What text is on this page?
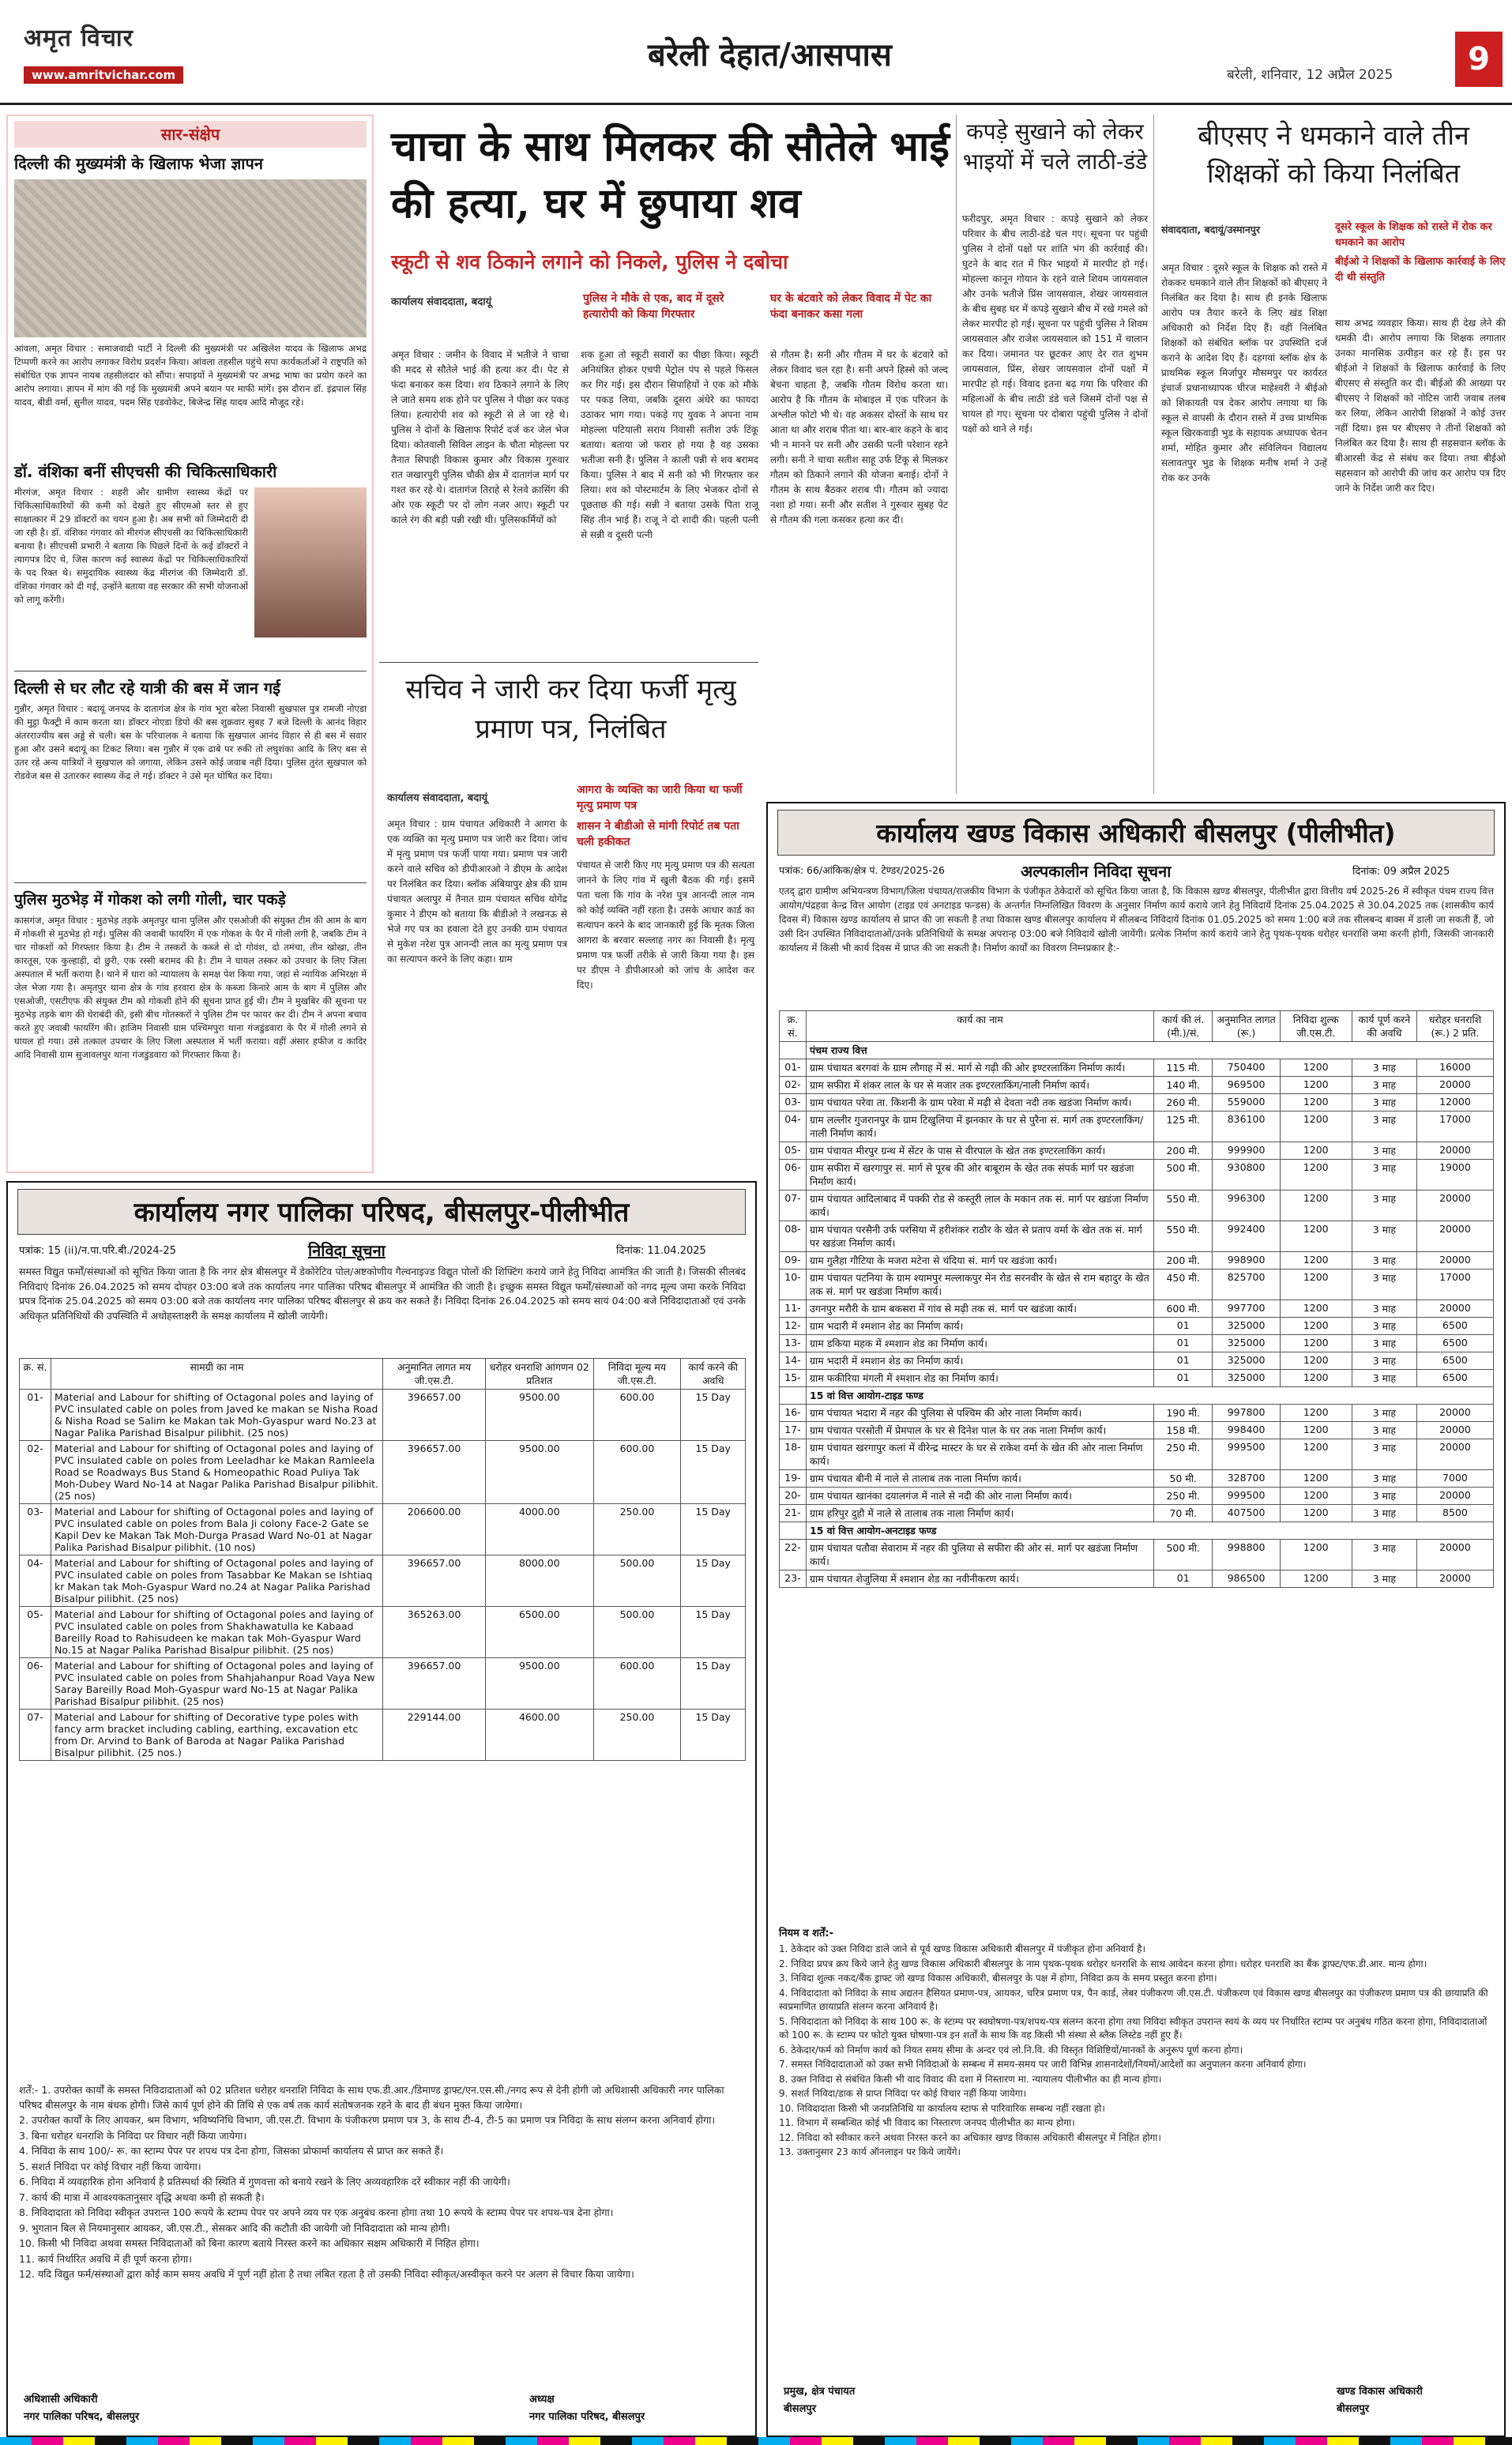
अमृत विचार
www.amritvichar.com
बरेली देहात/आसपास
बरेली, शनिवार, 12 अप्रैल 2025	9
सार-संक्षेप
दिल्ली की मुख्यमंत्री के खिलाफ भेजा ज्ञापन
आंवला, अमृत विचार : समाजवादी पार्टी ने दिल्ली की मुख्यमंत्री पर अखिलेश यादव के खिलाफ अभद्र टिप्पणी करने का आरोप लगाकर विरोध प्रदर्शन किया। आंवला तहसील पहुंचे सपा कार्यकर्ताओं ने राष्ट्रपति को संबोधित एक ज्ञापन नायब तहसीलदार को सौंपा। सपाइयों ने मुख्यमंत्री पर अभद्र भाषा का प्रयोग करने का आरोप लगाया। ज्ञापन में मांग की गई कि मुख्यमंत्री अपने बयान पर माफी मांगें। इस दौरान डॉ. इंद्रपाल सिंह यादव, बीडी वर्मा, सुनील यादव, पदम सिंह एडवोकेट, बिजेन्द्र सिंह यादव आदि मौजूद रहे।
डॉ. वंशिका बनीं सीएचसी की चिकित्साधिकारी
मीरगंज, अमृत विचार : शहरी और ग्रामीण स्वास्थ्य केंद्रों पर चिकित्साधिकारियों की कमी को देखते हुए सीएमओ स्तर से हुए साक्षात्कार में 29 डॉक्टरों का चयन हुआ है। अब सभी को जिम्मेदारी दी जा रही है। डॉ. वंशिका गंगवार को मीरगंज सीएचसी का चिकित्साधिकारी बनाया है। सीएचसी प्रभारी ने बताया कि पिछले दिनों के कई डॉक्टरों ने त्यागपत्र दिए थे, जिस कारण कई स्वास्थ्य केंद्रों पर चिकित्साधिकारियों के पद रिक्त थे। समुदायिक स्वास्थ्य केंद्र मीरगंज की जिम्मेदारी डॉ. वंशिका गंगवार को दी गई, उन्होंने बताया वह सरकार की सभी योजनाओं को लागू करेंगी।
दिल्ली से घर लौट रहे यात्री की बस में जान गई
गुन्नौर, अमृत विचार : बदायूं जनपद के दातागंज क्षेत्र के गांव भूरा बरेला निवासी सुखपाल पुत्र रामजी नोएडा की मुट्ठा फैक्ट्री में काम करता था। डॉक्टर नोएडा डिपो की बस शुक्रवार सुबह 7 बजे दिल्ली के आनंद विहार अंतरराज्यीय बस अड्डे से चली। बस के परिचालक ने बताया कि सुखपाल आनंद विहार से ही बस में सवार हुआ और उसने बदायूं का टिकट लिया। बस गुन्नौर में एक ढाबे पर रुकी तो लघुशंका आदि के लिए बस से उतर रहे अन्य यात्रियों ने सुखपाल को जगाया, लेकिन उसने कोई जवाब नहीं दिया। पुलिस तुरंत सुखपाल को रोडवेज बस से उतारकर स्वास्थ्य केंद्र ले गई। डॉक्टर ने उसे मृत घोषित कर दिया।
पुलिस मुठभेड़ में गोकश को लगी गोली, चार पकड़े
कासगंज, अमृत विचार : मुठभेड़ तड़के अमृतपुर थाना पुलिस और एसओजी की संयुक्त टीम की आम के बाग में गोकशी से मुठभेड़ हो गई। पुलिस की जवाबी फायरिंग में एक गोकश के पैर में गोली लगी है, जबकि टीम ने चार गोकशों को गिरफ्तार किया है। टीम ने तस्करों के कब्जे से दो गोवंश, दो तमंचा, तीन खोखा, तीन कारतूस, एक कुल्हाड़ी, दो छुरी, एक रस्सी बरामद की है। टीम ने घायल तस्कर को उपचार के लिए जिला अस्पताल में भर्ती कराया है। थाने में धारा को न्यायालय के समक्ष पेश किया गया, जहां से न्यायिक अभिरक्षा में जेल भेजा गया है। अमृतपुर थाना क्षेत्र के गांव हरवारा क्षेत्र के कब्जा किनारे आम के बाग में पुलिस और एसओजी, एसटीएफ की संयुक्त टीम को गोकशी होने की सूचना प्राप्त हुई थी। टीम ने मुखबिर की सूचना पर मुठभेड़ तड़के बाग की घेराबंदी की, इसी बीच गोतस्करों ने पुलिस टीम पर फायर कर दी। टीम ने अपना बचाव करते हुए जवाबी फायरिंग की। हाजिम निवासी ग्राम पश्चिमपुरा थाना गंजडुंडवारा के पैर में गोली लगने से घायल हो गया। उसे तत्काल उपचार के लिए जिला अस्पताल में भर्ती कराया। वहीं अंसार हफीज व कादिर आदि निवासी ग्राम सुजावलपुर थाना गंजडुंडवारा को गिरफ्तार किया है।
चाचा के साथ मिलकर की सौतेले भाई की हत्या, घर में छुपाया शव
स्कूटी से शव ठिकाने लगाने को निकले, पुलिस ने दबोचा
कार्यालय संवाददाता, बदायूं	पुलिस ने मौके से एक, बाद में दूसरे हत्यारोपी को किया गिरफ्तार
घर के बंटवारे को लेकर विवाद में पेट का फंदा बनाकर कसा गला
अमृत विचार : जमीन के विवाद में भतीजे ने चाचा की मदद से सौतेले भाई की हत्या कर दी। पेट से फंदा बनाकर कस दिया। शव ठिकाने लगाने के लिए ले जाते समय शक होने पर पुलिस ने पीछा कर पकड़ लिया। हत्यारोपी शव को स्कूटी से ले जा रहे थे। पुलिस ने दोनों के खिलाफ रिपोर्ट दर्ज कर जेल भेज दिया। कोतवाली सिविल लाइन के चौता मोहल्ला पर तैनात सिपाही विकास कुमार और विकास गुरुवार रात जखारपुरी पुलिस चौकी क्षेत्र में दातागंज मार्ग पर गश्त कर रहे थे। दातागंज तिराहे से रेलवे क्रासिंग की ओर एक स्कूटी पर दो लोग नजर आए। स्कूटी पर काले रंग की बड़ी पन्नी रखी थी। पुलिसकर्मियों को
शक हुआ तो स्कूटी सवारों का पीछा किया। स्कूटी अनियंत्रित होकर एचपी पेट्रोल पंप से पहले फिसल कर गिर गई। इस दौरान सिपाहियों ने एक को मौके पर पकड़ लिया, जबकि दूसरा अंधेरे का फायदा उठाकर भाग गया। पकड़े गए युवक ने अपना नाम मोहल्ला पटियाली सराय निवासी सतीश उर्फ टिंकू बताया। बताया जो फरार हो गया है वह उसका भतीजा सनी है। पुलिस ने काली पन्नी से शव बरामद किया। पुलिस ने बाद में सनी को भी गिरफ्तार कर लिया। शव को पोस्टमार्टम के लिए भेजकर दोनों से पूछताछ की गई। सन्नी ने बताया उसके पिता राजू सिंह तीन भाई हैं। राजू ने दो शादी की। पहली पत्नी से सन्नी व दूसरी पत्नी
से गौतम है। सनी और गौतम में घर के बंटवारे को लेकर विवाद चल रहा है। सनी अपने हिस्से को जल्द बेचना चाहता है, जबकि गौतम विरोध करता था। आरोप है कि गौतम के मोबाइल में एक परिजन के अश्लील फोटो भी थे। वह अकसर दोस्तों के साथ घर आता था और शराब पीता था। बार-बार कहने के बाद भी न मानने पर सनी और उसकी पत्नी परेशान रहने लगी। सनी ने चाचा सतीश साहू उर्फ टिंकू से मिलकर गौतम को ठिकाने लगाने की योजना बनाई। दोनों ने गौतम के साथ बैठकर शराब पी। गौतम को ज्यादा नशा हो गया। सनी और सतीश ने गुरुवार सुबह पेट से गौतम की गला कसकर हत्या कर दी।
कपड़े सुखाने को लेकर भाइयों में चले लाठी-डंडे
फरीदपुर, अमृत विचार : कपड़े सुखाने को लेकर परिवार के बीच लाठी-डंडे चल गए। सूचना पर पहुंची पुलिस ने दोनों पक्षों पर शांति भंग की कार्रवाई की। घुटने के बाद रात में फिर भाइयों में मारपीट हो गई। मोहल्ला कानून गोयान के रहने वाले शिवम जायसवाल और उनके भतीजे प्रिंस जायसवाल, शेखर जायसवाल के बीच सुबह घर में कपड़े सुखाने बीच में रखे गमले को लेकर मारपीट हो गई। सूचना पर पहुंची पुलिस ने शिवम जायसवाल और राजेश जायसवाल को 151 में चालान कर दिया। जमानत पर छूटकर आए देर रात शुभम जायसवाल, प्रिंस, शेखर जायसवाल दोनों पक्षों में मारपीट हो गई। विवाद इतना बढ़ गया कि परिवार की महिलाओं के बीच लाठी डंडे चले जिसमें दोनों पक्ष से घायल हो गए। सूचना पर दोबारा पहुंची पुलिस ने दोनों पक्षों को थाने ले गई।
बीएसए ने धमकाने वाले तीन शिक्षकों को किया निलंबित
संवाददाता, बदायूं/उस्मानपुर	दूसरे स्कूल के शिक्षक को रास्ते में रोक कर धमकाने का आरोप
बीईओ ने शिक्षकों के खिलाफ कार्रवाई के लिए दी थी संस्तुति
अमृत विचार : दूसरे स्कूल के शिक्षक को रास्ते में रोककर धमकाने वाले तीन शिक्षकों को बीएसए ने निलंबित कर दिया है। साथ ही इनके खिलाफ आरोप पत्र तैयार करने के लिए खंड शिक्षा अधिकारी को निर्देश दिए हैं। वहीं निलंबित शिक्षकों को संबंधित ब्लॉक पर उपस्थिति दर्ज कराने के आदेश दिए हैं। दहगवां ब्लॉक क्षेत्र के प्राथमिक स्कूल मिर्जापुर मौसमपुर पर कार्यरत इंचार्ज प्रधानाध्यापक धीरज माहेश्वरी ने बीईओ को शिकायती पत्र देकर आरोप लगाया था कि स्कूल से वापसी के दौरान रास्ते में उच्च प्राथमिक स्कूल खिरकवाड़ी भुड के सहायक अध्यापक चेतन शर्मा, मोहित कुमार और संविलियन विद्यालय सलावतपुर भुड के शिक्षक मनीष शर्मा ने उन्हें रोक कर उनके
साथ अभद्र व्यवहार किया। साथ ही देख लेने की धमकी दी। आरोप लगाया कि शिक्षक लगातार उनका मानसिक उत्पीड़न कर रहे हैं। इस पर बीईओ ने शिक्षकों के खिलाफ कार्रवाई के लिए बीएसए से संस्तुति कर दी। बीईओ की आख्या पर बीएसए ने शिक्षकों को नोटिस जारी जवाब तलब कर लिया, लेकिन आरोपी शिक्षकों ने कोई उत्तर नहीं दिया। इस पर बीएसए ने तीनों शिक्षकों को निलंबित कर दिया है। साथ ही सहसवान ब्लॉक के बीआरसी केंद्र से संबंध कर दिया। तथा बीईओ सहसवान को आरोपी की जांच कर आरोप पत्र दिए जाने के निर्देश जारी कर दिए।
सचिव ने जारी कर दिया फर्जी मृत्यु प्रमाण पत्र, निलंबित
कार्यालय संवाददाता, बदायूं
आगरा के व्यक्ति का जारी किया था फर्जी मृत्यु प्रमाण पत्र
शासन ने बीडीओ से मांगी रिपोर्ट तब पता चली हकीकत
अमृत विचार : ग्राम पंचायत अधिकारी ने आगरा के एक व्यक्ति का मृत्यु प्रमाण पत्र जारी कर दिया। जांच में मृत्यु प्रमाण पत्र फर्जी पाया गया। प्रमाण पत्र जारी करने वाले सचिव को डीपीआरओ ने डीएम के आदेश पर निलंबित कर दिया। ब्लॉक अंबियापुर क्षेत्र की ग्राम पंचायत अलापुर में तैनात ग्राम पंचायत सचिव योगेंद्र कुमार ने डीएम को बताया कि बीडीओ ने लखनऊ से भेजे गए पत्र का हवाला देते हुए उनकी ग्राम पंचायत से मुकेश नरेश पुत्र आनन्दी लाल का मृत्यु प्रमाण पत्र का सत्यापन करने के लिए कहा। ग्राम
पंचायत से जारी किए गए मृत्यु प्रमाण पत्र की सत्यता जानने के लिए गांव में खुली बैठक की गई। इसमें पता चला कि गांव के नरेश पुत्र आनन्दी लाल नाम को कोई व्यक्ति नहीं रहता है। उसके आधार कार्ड का सत्यापन करने के बाद जानकारी हुई कि मृतक जिला आगरा के बरवार सल्लाह नगर का निवासी है। मृत्यु प्रमाण पत्र फर्जी तरीके से जारी किया गया है। इस पर डीएम ने डीपीआरओ को जांच के आदेश कर दिए।
कार्यालय नगर पालिका परिषद, बीसलपुर-पीलीभीत
पत्रांक: 15 (ii)/न.पा.परि.बी./2024-25	निविदा सूचना	दिनांक: 11.04.2025
समस्त विद्युत फर्मों/संस्थाओं को सूचित किया जाता है कि नगर क्षेत्र बीसलपुर में डेकोरेटिव पोल/अष्टकोणीय गैल्वनाइज्ड विद्युत पोलों की शिफ्टिंग कराये जाने हेतु निविदा आमंत्रित की जाती है। जिसकी सीलबंद निविदाएं दिनांक 26.04.2025 को समय दोपहर 03:00 बजे तक कार्यालय नगर पालिका परिषद बीसलपुर में आमंत्रित की जाती है। इच्छुक समस्त विद्युत फर्मों/संस्थाओं को नगद मूल्य जमा करके निविदा प्रपत्र दिनांक 25.04.2025 को समय 03:00 बजे तक कार्यालय नगर पालिका परिषद बीसलपुर से क्रय कर सकते हैं। निविदा दिनांक 26.04.2025 को समय सायं 04:00 बजे निविदादाताओं एवं उनके अधिकृत प्रतिनिधियों की उपस्थिति में अधोहस्ताक्षरी के समक्ष कार्यालय में खोली जायेगी।
क्र. सं.	सामग्री का नाम	अनुमानित लागत मय जी.एस.टी.	धरोहर धनराशि आंगणन 02 प्रतिशत	निविदा मूल्य मय जी.एस.टी.	कार्य करने की अवधि
01-	Material and Labour for shifting of Octagonal poles and laying of PVC insulated cable on poles from Javed ke makan se Nisha Road & Nisha Road se Salim ke Makan tak Moh-Gyaspur ward No.23 at Nagar Palika Parishad Bisalpur pilibhit. (25 nos)	396657.00	9500.00	600.00	15 Day
02-	Material and Labour for shifting of Octagonal poles and laying of PVC insulated cable on poles from Leeladhar ke Makan Ramleela Road se Roadways Bus Stand & Homeopathic Road Puliya Tak Moh-Dubey Ward No-14 at Nagar Palika Parishad Bisalpur pilibhit. (25 nos)	396657.00	9500.00	600.00	15 Day
03-	Material and Labour for shifting of Octagonal poles and laying of PVC insulated cable on poles from Bala Ji colony Face-2 Gate se Kapil Dev ke Makan Tak Moh-Durga Prasad Ward No-01 at Nagar Palika Parishad Bisalpur pilibhit. (10 nos)	206600.00	4000.00	250.00	15 Day
04-	Material and Labour for shifting of Octagonal poles and laying of PVC insulated cable on poles from Tasabbar Ke Makan se Ishtiaq kr Makan tak Moh-Gyaspur Ward no.24 at Nagar Palika Parishad Bisalpur pilibhit. (25 nos)	396657.00	8000.00	500.00	15 Day
05-	Material and Labour for shifting of Octagonal poles and laying of PVC insulated cable on poles from Shakhawatulla ke Kabaad Bareilly Road to Rahisudeen ke makan tak Moh-Gyaspur Ward No.15 at Nagar Palika Parishad Bisalpur pilibhit. (25 nos)	365263.00	6500.00	500.00	15 Day
06-	Material and Labour for shifting of Octagonal poles and laying of PVC insulated cable on poles from Shahjahanpur Road Vaya New Saray Bareilly Road Moh-Gyaspur ward No-15 at Nagar Palika Parishad Bisalpur pilibhit. (25 nos)	396657.00	9500.00	600.00	15 Day
07-	Material and Labour for shifting of Decorative type poles with fancy arm bracket including cabling, earthing, excavation etc from Dr. Arvind to Bank of Baroda at Nagar Palika Parishad Bisalpur pilibhit. (25 nos.)	229144.00	4600.00	250.00	15 Day
शर्तें:- 1. उपरोक्त कार्यों के समस्त निविदादाताओं को 02 प्रतिशत धरोहर धनराशि निविदा के साथ एफ.डी.आर./डिमाण्ड ड्राफ्ट/एन.एस.सी./नगद रूप से देनी होगी जो अधिशासी अधिकारी नगर पालिका परिषद बीसलपुर के नाम बंधक होगी। जिसे कार्य पूर्ण होने की तिथि से एक वर्ष तक कार्य संतोषजनक रहने के बाद ही बंधन मुक्त किया जायेगा।
2. उपरोक्त कार्यों के लिए आयकर, श्रम विभाग, भविष्यनिधि विभाग, जी.एस.टी. विभाग के पंजीकरण प्रमाण पत्र 3, के साथ टी-4, टी-5 का प्रमाण पत्र निविदा के साथ संलग्न करना अनिवार्य होगा।
3. बिना धरोहर धनराशि के निविदा पर विचार नहीं किया जायेगा।
4. निविदा के साथ 100/- रू. का स्टाम्प पेपर पर शपथ पत्र देना होगा, जिसका प्रोफार्मा कार्यालय से प्राप्त कर सकते हैं।
5. सशर्त निविदा पर कोई विचार नहीं किया जायेगा।
6. निविदा में व्यवहारिक होना अनिवार्य है प्रतिस्पर्धा की स्थिति में गुणवत्ता को बनाये रखने के लिए अव्यवहारिक दरें स्वीकार नहीं की जायेगी।
7. कार्य की मात्रा में आवश्यकतानुसार वृद्धि अथवा कमी हो सकती है।
8. निविदादाता को निविदा स्वीकृत उपरान्त 100 रूपये के स्टाम्प पेपर पर अपने व्यय पर एक अनुबंध करना होगा तथा 10 रूपये के स्टाम्प पेपर पर शपथ-पत्र देना होगा।
9. भुगतान बिल से नियमानुसार आयकर, जी.एस.टी., सेसकर आदि की कटौती की जायेगी जो निविदादाता को मान्य होगी।
10. किसी भी निविदा अथवा समस्त निविदाताओं को बिना कारण बताये निरस्त करने का अधिकार सक्षम अधिकारी में निहित होगा।
11. कार्य निर्धारित अवधि में ही पूर्ण करना होगा।
12. यदि विद्युत फर्म/संस्थाओं द्वारा कोई काम समय अवधि में पूर्ण नहीं होता है तथा लंबित रहता है तो उसकी निविदा स्वीकृत/अस्वीकृत करने पर अलग से विचार किया जायेगा।
अधिशासी अधिकारी
नगर पालिका परिषद, बीसलपुर
अध्यक्ष
नगर पालिका परिषद, बीसलपुर
कार्यालय खण्ड विकास अधिकारी बीसलपुर (पीलीभीत)
पत्रांक: 66/आंकिक/क्षेत्र पं. टेण्डर/2025-26	अल्पकालीन निविदा सूचना	दिनांक: 09 अप्रैल 2025
एतद् द्वारा ग्रामीण अभियन्त्रण विभाग/जिला पंचायत/राजकीय विभाग के पंजीकृत ठेकेदारों को सूचित किया जाता है, कि विकास खण्ड बीसलपुर, पीलीभीत द्वारा वित्तीय वर्ष 2025-26 में स्वीकृत पंचम राज्य वित्त आयोग/पंद्रहवा केन्द्र वित्त आयोग (टाइड एवं अनटाइड फन्डस) के अन्तर्गत निम्नलिखित विवरण के अनुसार निर्माण कार्य कराये जाने हेतु निविदायें दिनांक 25.04.2025 से 30.04.2025 तक (शासकीय कार्य दिवस में) विकास खण्ड कार्यालय से प्राप्त की जा सकती है तथा विकास खण्ड बीसलपुर कार्यालय में सीलबन्द निविदायें दिनांक 01.05.2025 को समय 1:00 बजे तक सीलबन्द बाक्स में डाली जा सकती हैं, जो उसी दिन उपस्थित निविदादाताओं/उनके प्रतिनिधियों के समक्ष अपरान्ह 03:00 बजे निविदायें खोली जायेंगी। प्रत्येक निर्माण कार्य कराये जाने हेतु पृथक-पृथक धरोहर धनराशि जमा करनी होगी, जिसकी जानकारी कार्यालय में किसी भी कार्य दिवस में प्राप्त की जा सकती है। निर्माण कार्यों का विवरण निम्नप्रकार है:-
क्र. सं.	कार्य का नाम	कार्य की लं. (मी.)/सं.	अनुमानित लागत (रू.)	निविदा शुल्क जी.एस.टी.	कार्य पूर्ण करने की अवधि	धरोहर धनराशि (रू.) 2 प्रति.
	पंचम राज्य वित्त					
01-	ग्राम पंचायत बरगवां के ग्राम लौगाह में सं. मार्ग से गढ़ी की ओर इण्टरलाकिंग निर्माण कार्य।	115 मी.	750400	1200	3 माह	16000
02-	ग्राम सफीरा में शंकर लाल के घर से मजार तक इण्टरलाकिंग/नाली निर्माण कार्य।	140 मी.	969500	1200	3 माह	20000
03-	ग्राम पंचायत परेवा ता. किशनी के ग्राम परेवा में मढ़ी से देवता नदी तक खडंजा निर्माण कार्य।	260 मी.	559000	1200	3 माह	12000
04-	ग्राम लल्लीर गुजरानपुर के ग्राम टिखुलिया में झनकार के घर से पुरैना सं. मार्ग तक इण्टरलाकिंग/नाली निर्माण कार्य।	125 मी.	836100	1200	3 माह	17000
05-	ग्राम पंचायत मीरपुर ग्रन्थ में सेंटर के पास से वीरपाल के खेत तक इण्टरलाकिंग कार्य।	200 मी.	999900	1200	3 माह	20000
06-	ग्राम सफीरा में खरगापुर सं. मार्ग से पूरब की ओर बाबूराम के खेत तक संपर्क मार्ग पर खडंजा निर्माण कार्य।	500 मी.	930800	1200	3 माह	19000
07-	ग्राम पंचायत आदिलाबाद में पक्की रोड से कस्तूरी लाल के मकान तक सं. मार्ग पर खडंजा निर्माण कार्य।	550 मी.	996300	1200	3 माह	20000
08-	ग्राम पंचायत परसैनी उर्फ परसिया में हरीशंकर राठौर के खेत से प्रताप वर्मा के खेत तक सं. मार्ग पर खडंजा निर्माण कार्य।	550 मी.	992400	1200	3 माह	20000
09-	ग्राम गुलैहा गौटिया के मजरा मटेना से चंदिया सं. मार्ग पर खडंजा कार्य।	200 मी.	998900	1200	3 माह	20000
10-	ग्राम पंचायत पटनिया के ग्राम श्यामपुर मल्लाकपुर मेन रोड सरनवीर के खेत से राम बहादुर के खेत तक सं. मार्ग पर खडंजा निर्माण कार्य।	450 मी.	825700	1200	3 माह	17000
11-	उगनपुर मरौरी के ग्राम बकसरा में गांव से मढ़ी तक सं. मार्ग पर खडंजा कार्य।	600 मी.	997700	1200	3 माह	20000
12-	ग्राम भदारी में श्मशान शेड का निर्माण कार्य।	01	325000	1200	3 माह	6500
13-	ग्राम डकिया महक में श्मशान शेड का निर्माण कार्य।	01	325000	1200	3 माह	6500
14-	ग्राम भदारी में श्मशान शेड का निर्माण कार्य।	01	325000	1200	3 माह	6500
15-	ग्राम फकीरिया मंगली में श्मशान शेड का निर्माण कार्य।	01	325000	1200	3 माह	6500
	15 वां वित्त आयोग-टाइड फण्ड					
16-	ग्राम पंचायत भदारा में नहर की पुलिया से पश्चिम की ओर नाला निर्माण कार्य।	190 मी.	997800	1200	3 माह	20000
17-	ग्राम पंचायत परसोती में प्रेमपाल के घर से दिनेश पाल के घर तक नाला निर्माण कार्य।	158 मी.	998400	1200	3 माह	20000
18-	ग्राम पंचायत खरगापुर कलां में वीरेन्द्र मास्टर के घर से राकेश वर्मा के खेत की ओर नाला निर्माण कार्य।	250 मी.	999500	1200	3 माह	20000
19-	ग्राम पंचायत बीनी में नाले से तालाब तक नाला निर्माण कार्य।	50 मी.	328700	1200	3 माह	7000
20-	ग्राम पंचायत खानंका दयालगंज में नाले से नदी की ओर नाला निर्माण कार्य।	250 मी.	999500	1200	3 माह	20000
21-	ग्राम हरिपुर दुहौ में नाले से तालाब तक नाला निर्माण कार्य।	70 मी.	407500	1200	3 माह	8500
	15 वां वित्त आयोग-अनटाइड फण्ड					
22-	ग्राम पंचायत पतौवा सेवाराम में नहर की पुलिया से सफीरा की ओर सं. मार्ग पर खडंजा निर्माण कार्य।	500 मी.	998800	1200	3 माह	20000
23-	ग्राम पंचायत शेजुलिया में श्मशान शेड का नवीनीकरण कार्य।	01	986500	1200	3 माह	20000
नियम व शर्तें:-
1. ठेकेदार को उक्त निविदा डाले जाने से पूर्व खण्ड विकास अधिकारी बीसलपुर में पंजीकृत होना अनिवार्य है।
2. निविदा प्रपत्र क्रय किये जाने हेतु खण्ड विकास अधिकारी बीसलपुर के नाम पृथक-पृथक धरोहर धनराशि के साथ आवेदन करना होगा। धरोहर धनराशि का बैंक ड्राफ्ट/एफ.डी.आर. मान्य होगा।
3. निविदा शुल्क नकद/बैंक ड्राफ्ट जो खण्ड विकास अधिकारी, बीसलपुर के पक्ष में होगा, निविदा क्रय के समय प्रस्तुत करना होगा।
4. निविदादाता को निविदा के साथ अद्यतन हैसियत प्रमाण-पत्र, आयकर, चरित्र प्रमाण पत्र, पैन कार्ड, लेबर पंजीकरण जी.एस.टी. पंजीकरण एवं विकास खण्ड बीसलपुर का पंजीकरण प्रमाण पत्र की छायाप्रति की स्वप्रमाणित छायाप्रति संलग्न करना अनिवार्य है।
5. निविदादाता को निविदा के साथ 100 रू. के स्टाम्प पर स्वघोषणा-पत्र/शपथ-पत्र संलग्न करना होगा तथा निविदा स्वीकृत उपरान्त स्वयं के व्यय पर निर्धारित स्टाम्प पर अनुबंध गठित करना होगा, निविदादाताओं को 100 रू. के स्टाम्प पर फोटो युक्त घोषणा-पत्र इन शर्तों के साथ कि वह किसी भी संस्था से ब्लैक लिस्टेड नहीं हुए हैं।
6. ठेकेदार/फर्म को निर्माण कार्य को नियत समय सीमा के अन्दर एवं लो.नि.वि. की विस्तृत विशिष्टियों/मानकों के अनुरूप पूर्ण करना होगा।
7. समस्त निविदादाताओं को उक्त सभी निविदाओं के सम्बन्ध में समय-समय पर जारी विभिन्न शासनादेशों/नियमों/आदेशों का अनुपालन करना अनिवार्य होगा।
8. उक्त निविदा से संबंधित किसी भी वाद विवाद की दशा में निस्तारण मा. न्यायालय पीलीभीत का ही मान्य होगा।
9. सशर्त निविदा/डाक से प्राप्त निविदा पर कोई विचार नहीं किया जायेगा।
10. निविदादाता किसी भी जनप्रतिनिधि या कार्यालय स्टाफ से पारिवारिक सम्बन्ध नहीं रखता हो।
11. विभाग में सम्बन्धित कोई भी विवाद का निस्तारण जनपद पीलीभीत का मान्य होगा।
12. निविदा को स्वीकार करने अथवा निरस्त करने का अधिकार खण्ड विकास अधिकारी बीसलपुर में निहित होगा।
13. उक्तानुसार 23 कार्य ऑनलाइन पर किये जायेंगे।
प्रमुख, क्षेत्र पंचायत
बीसलपुर
खण्ड विकास अधिकारी
बीसलपुर
